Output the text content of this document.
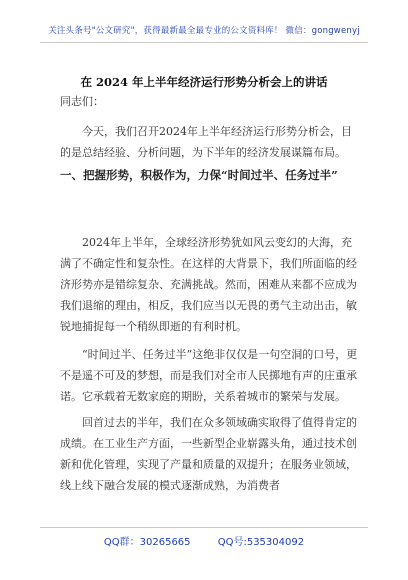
关注头条号"公文研究"，获得最新最全最专业的公文资料库！ 微信：gongwenyj
在 2024 年上半年经济运行形势分析会上的讲话
同志们：
今天，我们召开2024年上半年经济运行形势分析会，目的是总结经验、分析问题，为下半年的经济发展谋篇布局。
一、把握形势，积极作为，力保“时间过半、任务过半”
2024年上半年，全球经济形势犹如风云变幻的大海，充满了不确定性和复杂性。在这样的大背景下，我们所面临的经济形势亦是错综复杂、充满挑战。然而，困难从来都不应成为我们退缩的理由，相反，我们应当以无畏的勇气主动出击，敏锐地捕捉每一个稍纵即逝的有利时机。
“时间过半、任务过半”这绝非仅仅是一句空洞的口号，更不是遥不可及的梦想，而是我们对全市人民掷地有声的庄重承诺。它承载着无数家庭的期盼，关系着城市的繁荣与发展。
回首过去的半年，我们在众多领域确实取得了值得肯定的成绩。在工业生产方面，一些新型企业崭露头角，通过技术创新和优化管理，实现了产量和质量的双提升；在服务业领域，线上线下融合发展的模式逐渐成熟，为消费者
QQ群：30265665	QQ号:535304092
